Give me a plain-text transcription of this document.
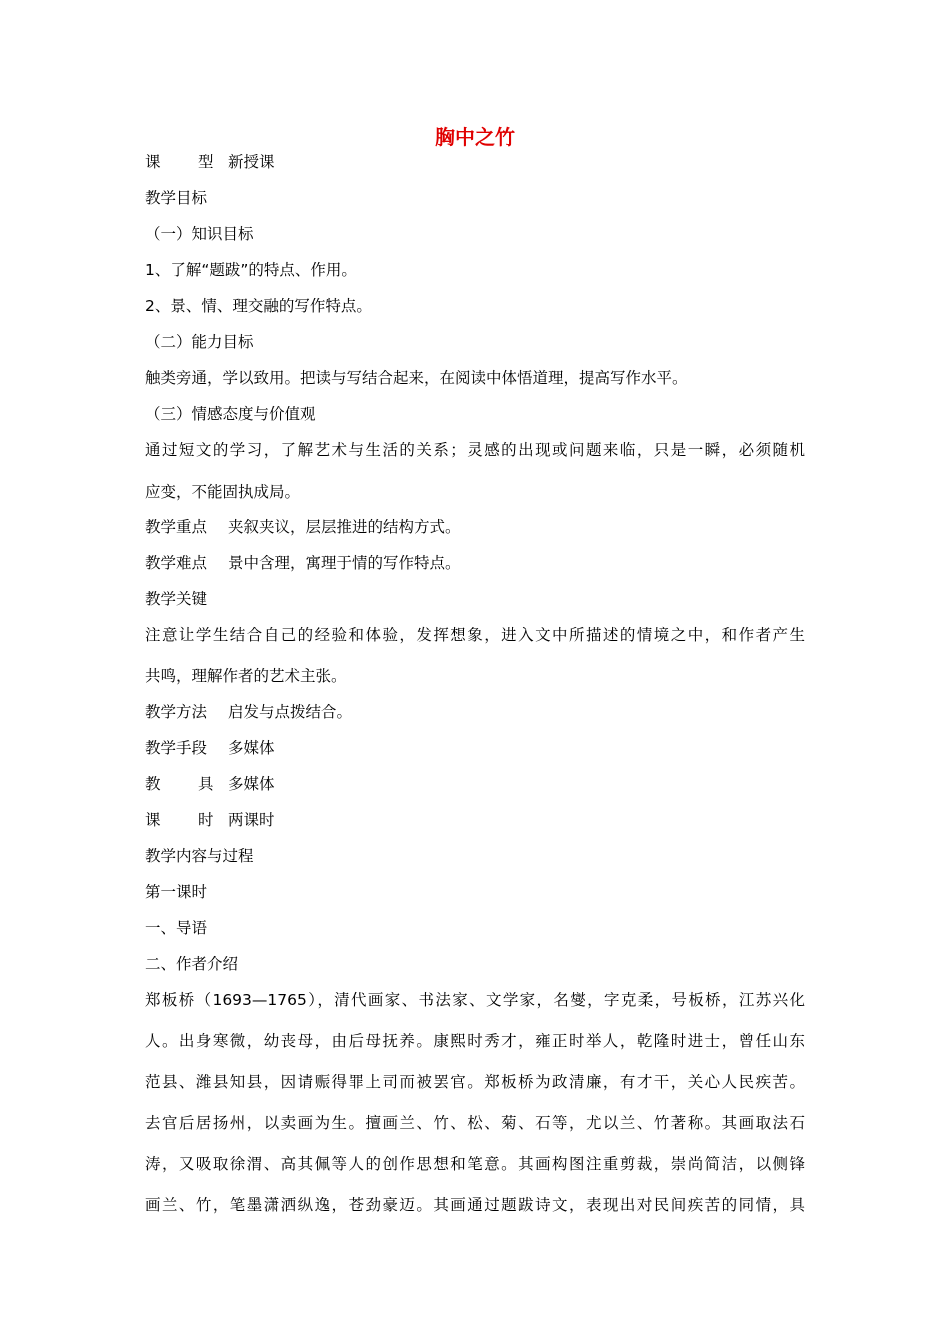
胸中之竹
课 型 新授课
教学目标
（一）知识目标
1、了解“题跋”的特点、作用。
2、景、情、理交融的写作特点。
（二）能力目标
触类旁通，学以致用。把读与写结合起来，在阅读中体悟道理，提高写作水平。
（三）情感态度与价值观
通过短文的学习，了解艺术与生活的关系；灵感的出现或问题来临，只是一瞬，必须随机
应变，不能固执成局。
教学重点 夹叙夹议，层层推进的结构方式。
教学难点 景中含理，寓理于情的写作特点。
教学关键
注意让学生结合自己的经验和体验，发挥想象，进入文中所描述的情境之中，和作者产生
共鸣，理解作者的艺术主张。
教学方法 启发与点拨结合。
教学手段 多媒体
教 具 多媒体
课 时 两课时
教学内容与过程
第一课时
一、导语
二、作者介绍
郑板桥（1693—1765），清代画家、书法家、文学家，名燮，字克柔，号板桥，江苏兴化
人。出身寒微，幼丧母，由后母抚养。康熙时秀才，雍正时举人，乾隆时进士，曾任山东
范县、潍县知县，因请赈得罪上司而被罢官。郑板桥为政清廉，有才干，关心人民疾苦。
去官后居扬州，以卖画为生。擅画兰、竹、松、菊、石等，尤以兰、竹著称。其画取法石
涛，又吸取徐渭、高其佩等人的创作思想和笔意。其画构图注重剪裁，崇尚简洁，以侧锋
画兰、竹，笔墨潇洒纵逸，苍劲豪迈。其画通过题跋诗文，表现出对民间疾苦的同情，具
